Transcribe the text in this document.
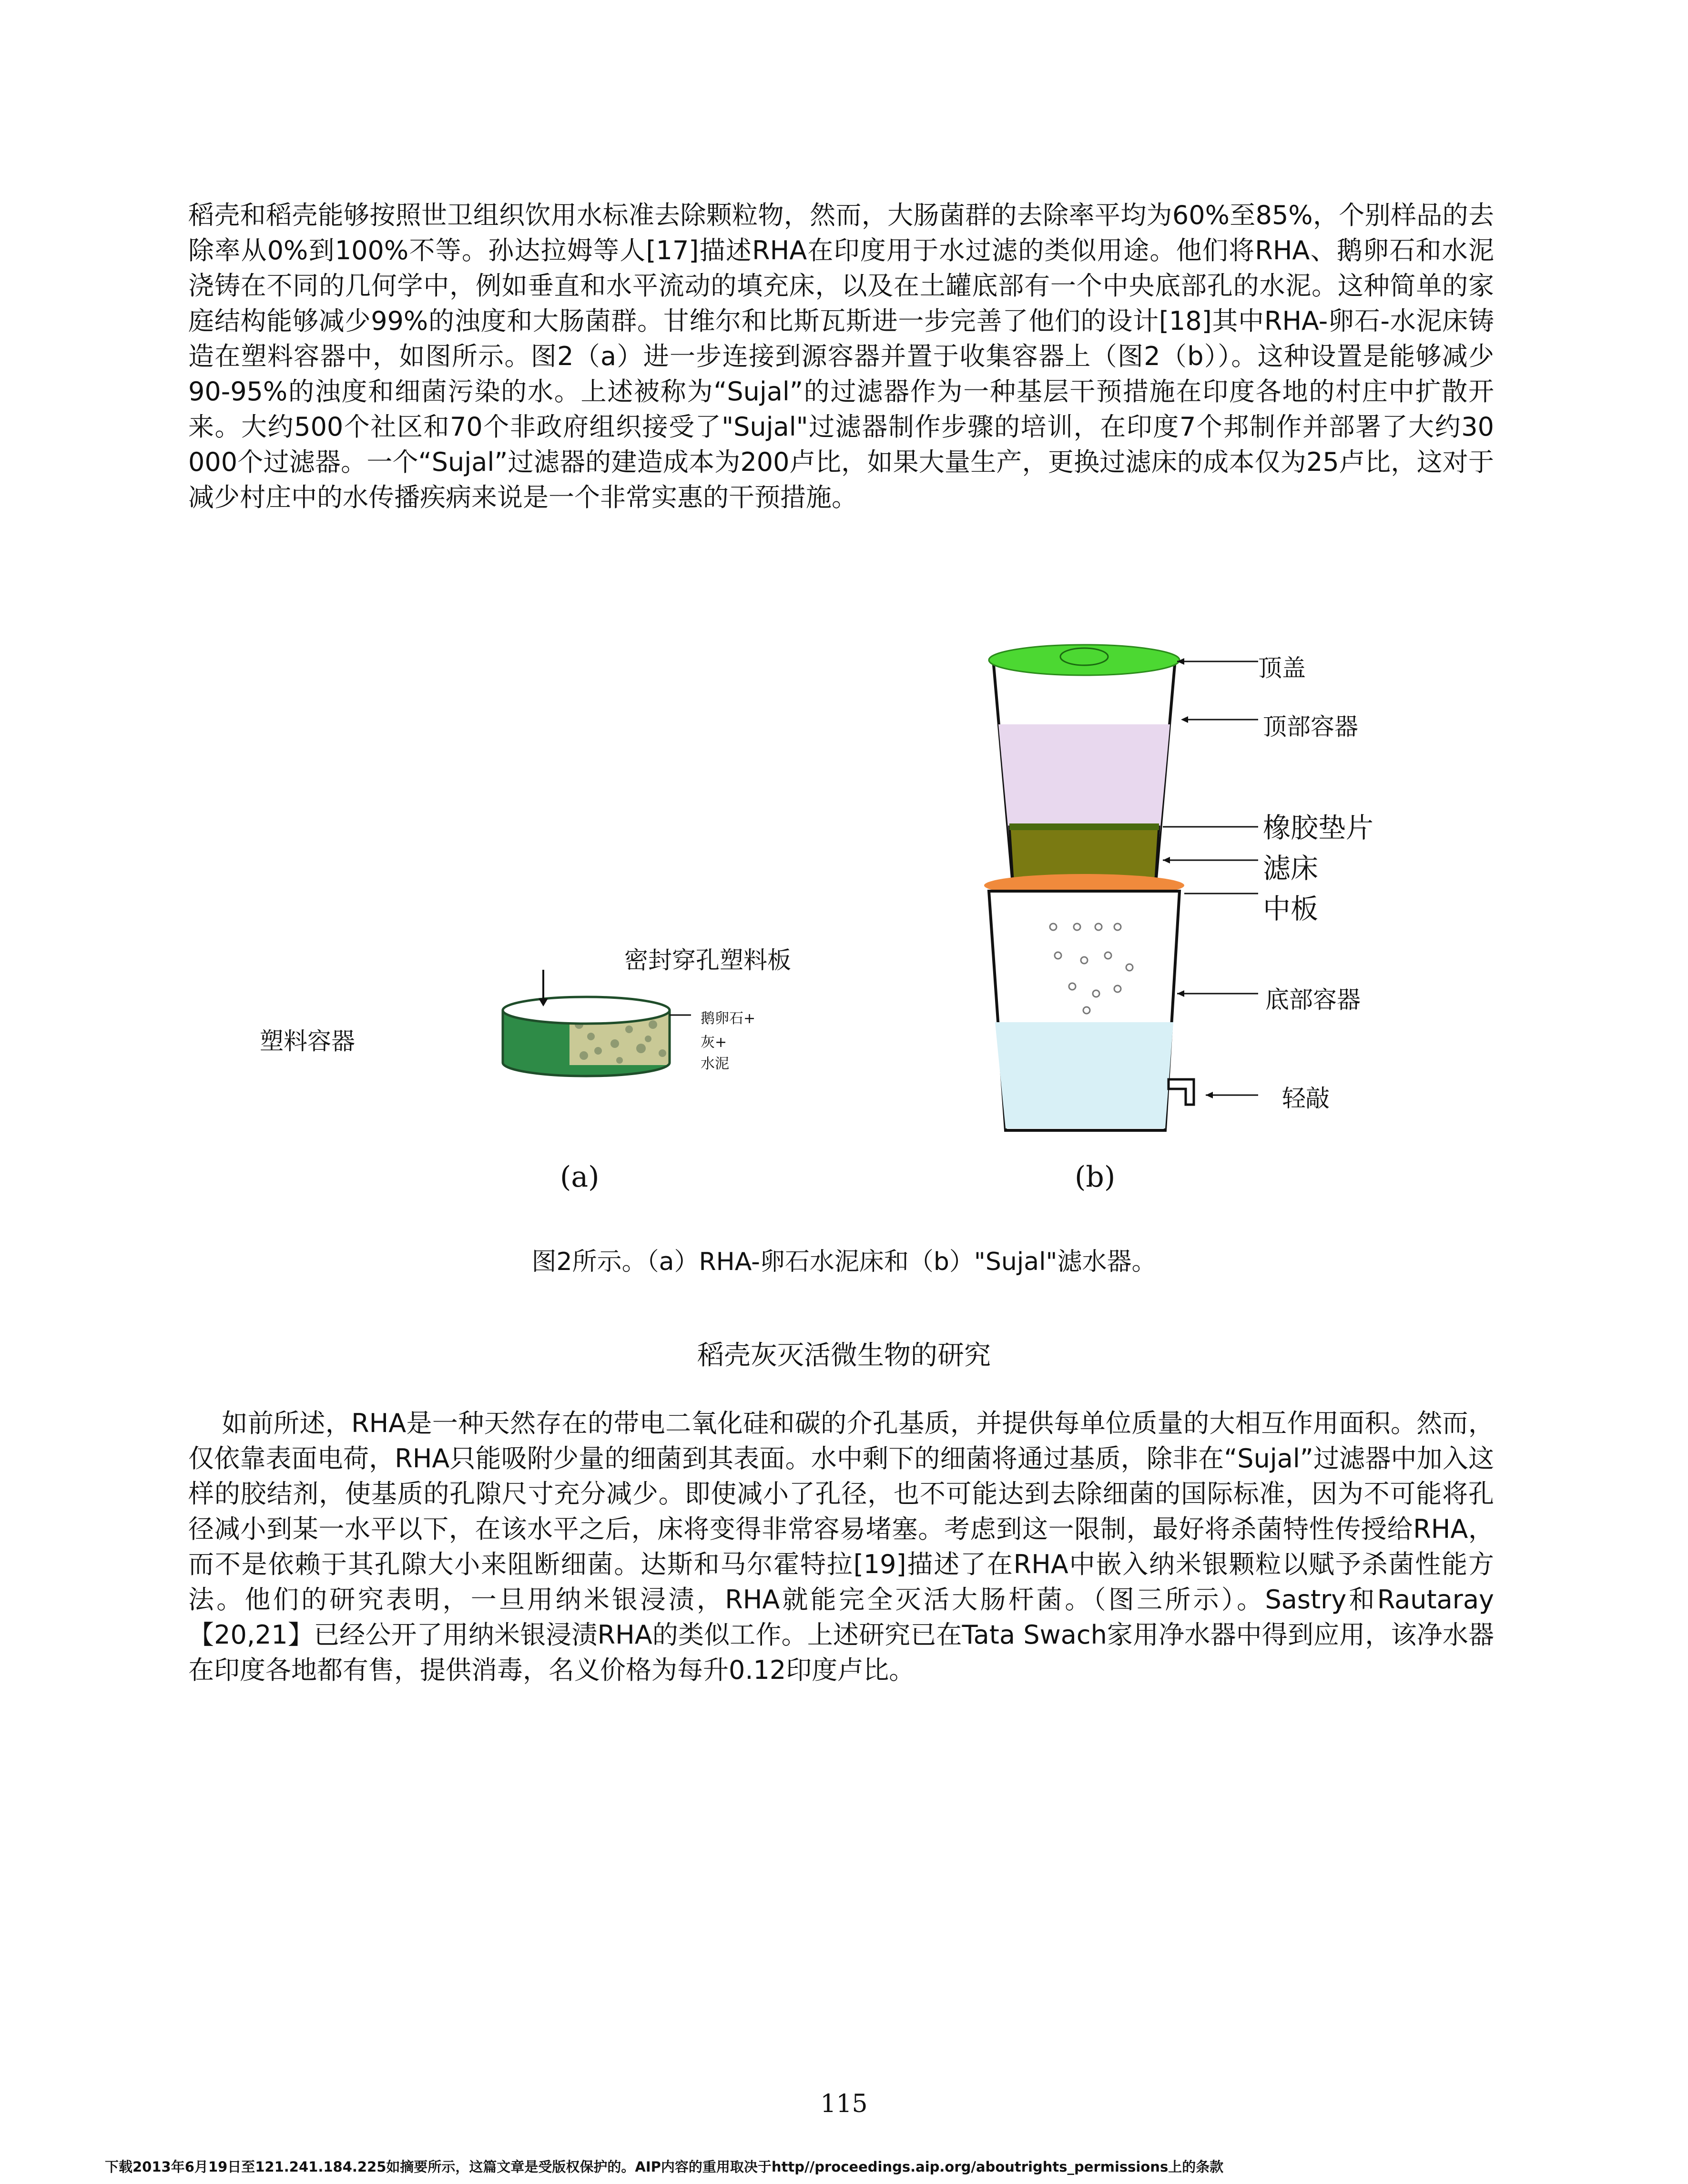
稻壳和稻壳能够按照世卫组织饮用水标准去除颗粒物，然而，大肠菌群的去除率平均为60%至85%，个别样品的去除率从0%到100%不等。孙达拉姆等人[17]描述RHA在印度用于水过滤的类似用途。他们将RHA、鹅卵石和水泥浇铸在不同的几何学中，例如垂直和水平流动的填充床，以及在土罐底部有一个中央底部孔的水泥。这种简单的家庭结构能够减少99%的浊度和大肠菌群。甘维尔和比斯瓦斯进一步完善了他们的设计[18]其中RHA-卵石-水泥床铸造在塑料容器中，如图所示。图2（a）进一步连接到源容器并置于收集容器上（图2（b））。这种设置是能够减少90-95%的浊度和细菌污染的水。上述被称为“Sujal”的过滤器作为一种基层干预措施在印度各地的村庄中扩散开来。大约500个社区和70个非政府组织接受了"Sujal"过滤器制作步骤的培训，在印度7个邦制作并部署了大约30 000个过滤器。一个“Sujal”过滤器的建造成本为200卢比，如果大量生产，更换过滤床的成本仅为25卢比，这对于减少村庄中的水传播疾病来说是一个非常实惠的干预措施。

塑料容器
密封穿孔塑料板
鹅卵石+
灰+
水泥
(a)
顶盖
顶部容器
橡胶垫片
滤床
中板
底部容器
轻敲
(b)
图2所示。（a）RHA-卵石水泥床和（b）"Sujal"滤水器。
稻壳灰灭活微生物的研究

如前所述，RHA是一种天然存在的带电二氧化硅和碳的介孔基质，并提供每单位质量的大相互作用面积。然而，仅依靠表面电荷，RHA只能吸附少量的细菌到其表面。水中剩下的细菌将通过基质，除非在“Sujal”过滤器中加入这样的胶结剂，使基质的孔隙尺寸充分减少。即使减小了孔径，也不可能达到去除细菌的国际标准，因为不可能将孔径减小到某一水平以下，在该水平之后，床将变得非常容易堵塞。考虑到这一限制，最好将杀菌特性传授给RHA，而不是依赖于其孔隙大小来阻断细菌。达斯和马尔霍特拉[19]描述了在RHA中嵌入纳米银颗粒以赋予杀菌性能方法。他们的研究表明，一旦用纳米银浸渍，RHA就能完全灭活大肠杆菌。（图三所示）。Sastry和Rautaray【20,21】已经公开了用纳米银浸渍RHA的类似工作。上述研究已在Tata Swach家用净水器中得到应用，该净水器在印度各地都有售，提供消毒，名义价格为每升0.12印度卢比。

115
下载2013年6月19日至121.241.184.225如摘要所示，这篇文章是受版权保护的。AIP内容的重用取决于http//proceedings.aip.org/aboutrights_permissions上的条款
